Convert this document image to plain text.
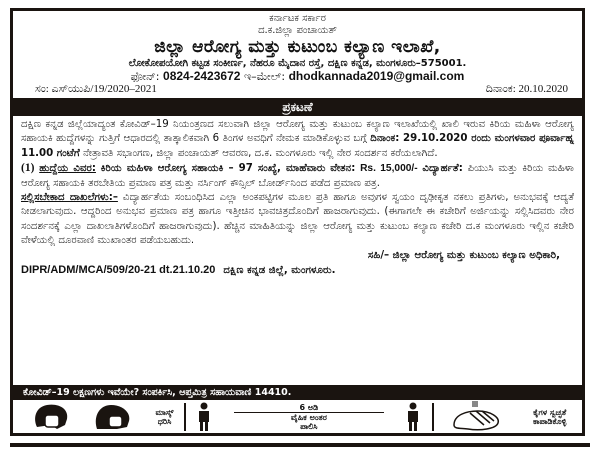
ಕರ್ನಾಟಕ ಸರ್ಕಾರ
ದ.ಕ.ಜಿಲ್ಲಾ ಪಂಚಾಯತ್
ಜಿಲ್ಲಾ ಆರೋಗ್ಯ ಮತ್ತು ಕುಟುಂಬ ಕಲ್ಯಾಣ ಇಲಾಖೆ,
ಲೋಕೋಪಯೋಗಿ ಕಟ್ಟಡ ಸಂಕೀರ್ಣ, ನೆಹರೂ ಮೈದಾನ ರಸ್ತೆ, ದಕ್ಷಿಣ ಕನ್ನಡ, ಮಂಗಳೂರು–575001.
ಫೋನ್: 0824-2423672 ಇ–ಮೇಲ್: dhodkannada2019@gmail.com
ಸಂ: ಎಸ್‌ಯುಪಿ/19/2020–2021	ದಿನಾಂಕ: 20.10.2020
ಪ್ರಕಟಣೆ

ದಕ್ಷಿಣ ಕನ್ನಡ ಜಿಲ್ಲೆಯಾದ್ಯಂತ ಕೋವಿಡ್–19 ನಿಯಂತ್ರಣದ ಸಲುವಾಗಿ ಜಿಲ್ಲಾ ಆರೋಗ್ಯ ಮತ್ತು ಕುಟುಂಬ ಕಲ್ಯಾಣ ಇಲಾಖೆಯಲ್ಲಿ ಖಾಲಿ ಇರುವ ಕಿರಿಯ ಮಹಿಳಾ ಆರೋಗ್ಯ ಸಹಾಯಕಿ ಹುದ್ದೆಗಳನ್ನು ಗುತ್ತಿಗೆ ಆಧಾರದಲ್ಲಿ ತಾತ್ಕಾಲಿಕವಾಗಿ 6 ತಿಂಗಳ ಅವಧಿಗೆ ನೇಮಕ ಮಾಡಿಕೊಳ್ಳುವ ಬಗ್ಗೆ ದಿನಾಂಕ: 29.10.2020 ರಂದು ಮಂಗಳವಾರ ಪೂರ್ವಾಹ್ನ 11.00 ಗಂಟೆಗೆ ನೇತ್ರಾವತಿ ಸಭಾಂಗಣ, ಜಿಲ್ಲಾ ಪಂಚಾಯತ್ ಆವರಣ, ದ.ಕ. ಮಂಗಳೂರು ಇಲ್ಲಿ ನೇರ ಸಂದರ್ಶನ ಕರೆಯಲಾಗಿದೆ.

(1) ಹುದ್ದೆಯ ವಿವರ: ಕಿರಿಯ ಮಹಿಳಾ ಆರೋಗ್ಯ ಸಹಾಯಕಿ – 97 ಸಂಖ್ಯೆ, ಮಾಹೆವಾರು ವೇತನ: Rs. 15,000/- ವಿದ್ಯಾರ್ಹತೆ: ಪಿಯುಸಿ ಮತ್ತು ಕಿರಿಯ ಮಹಿಳಾ ಆರೋಗ್ಯ ಸಹಾಯಕಿ ತರಬೇತಿಯ ಪ್ರಮಾಣ ಪತ್ರ ಮತ್ತು ನರ್ಸಿಂಗ್ ಕೌನ್ಸಿಲ್ ಬೋರ್ಡ್‌ನಿಂದ ಪಡೆದ ಪ್ರಮಾಣ ಪತ್ರ.

ಸಲ್ಲಿಸಬೇಕಾದ ದಾಖಲೆಗಳು:– ವಿದ್ಯಾರ್ಹತೆಯ ಸಂಬಂಧಿಸಿದ ಎಲ್ಲಾ ಅಂಕಪಟ್ಟಿಗಳ ಮೂಲ ಪ್ರತಿ ಹಾಗೂ ಅವುಗಳ ಸ್ವಯಂ ದೃಢೀಕೃತ ನಕಲು ಪ್ರತಿಗಳು, ಅನುಭವಕ್ಕೆ ಆದ್ಯತೆ ನೀಡಲಾಗುವುದು. ಆದ್ದರಿಂದ ಅನುಭವ ಪ್ರಮಾಣ ಪತ್ರ ಹಾಗೂ ಇತ್ತೀಚಿನ ಭಾವಚಿತ್ರದೊಂದಿಗೆ ಹಾಜರಾಗುವುದು. (ಈಗಾಗಲೇ ಈ ಕಚೇರಿಗೆ ಅರ್ಜಿಯನ್ನು ಸಲ್ಲಿಸಿದವರು ನೇರ ಸಂದರ್ಶನಕ್ಕೆ ಎಲ್ಲಾ ದಾಖಲಾತಿಗಳೊಂದಿಗೆ ಹಾಜರಾಗುವುದು). ಹೆಚ್ಚಿನ ಮಾಹಿತಿಯನ್ನು ಜಿಲ್ಲಾ ಆರೋಗ್ಯ ಮತ್ತು ಕುಟುಂಬ ಕಲ್ಯಾಣ ಕಚೇರಿ ದ.ಕ ಮಂಗಳೂರು ಇಲ್ಲಿನ ಕಚೇರಿ ವೇಳೆಯಲ್ಲಿ ದೂರವಾಣಿ ಮುಖಾಂತರ ಪಡೆಯಬಹುದು.

ಸಹಿ/– ಜಿಲ್ಲಾ ಆರೋಗ್ಯ ಮತ್ತು ಕುಟುಂಬ ಕಲ್ಯಾಣ ಅಧಿಕಾರಿ,

DIPR/ADM/MCA/509/20-21 dt.21.10.20 ದಕ್ಷಿಣ ಕನ್ನಡ ಜಿಲ್ಲೆ, ಮಂಗಳೂರು.
ಕೋವಿಡ್–19 ಲಕ್ಷಣಗಳು ಇವೆಯೇ? ಸಂಪರ್ಕಿಸಿ, ಆಪ್ತಮಿತ್ರ ಸಹಾಯವಾಣಿ 14410.
ಮಾಸ್ಕ್
ಧರಿಸಿ
6 ಅಡಿ
ವೈಹಿಕ ಅಂತರ
ಪಾಲಿಸಿ
ಕೈಗಳ ಸ್ವಚ್ಛತೆ
ಕಾಪಾಡಿಕೊಳ್ಳಿ
